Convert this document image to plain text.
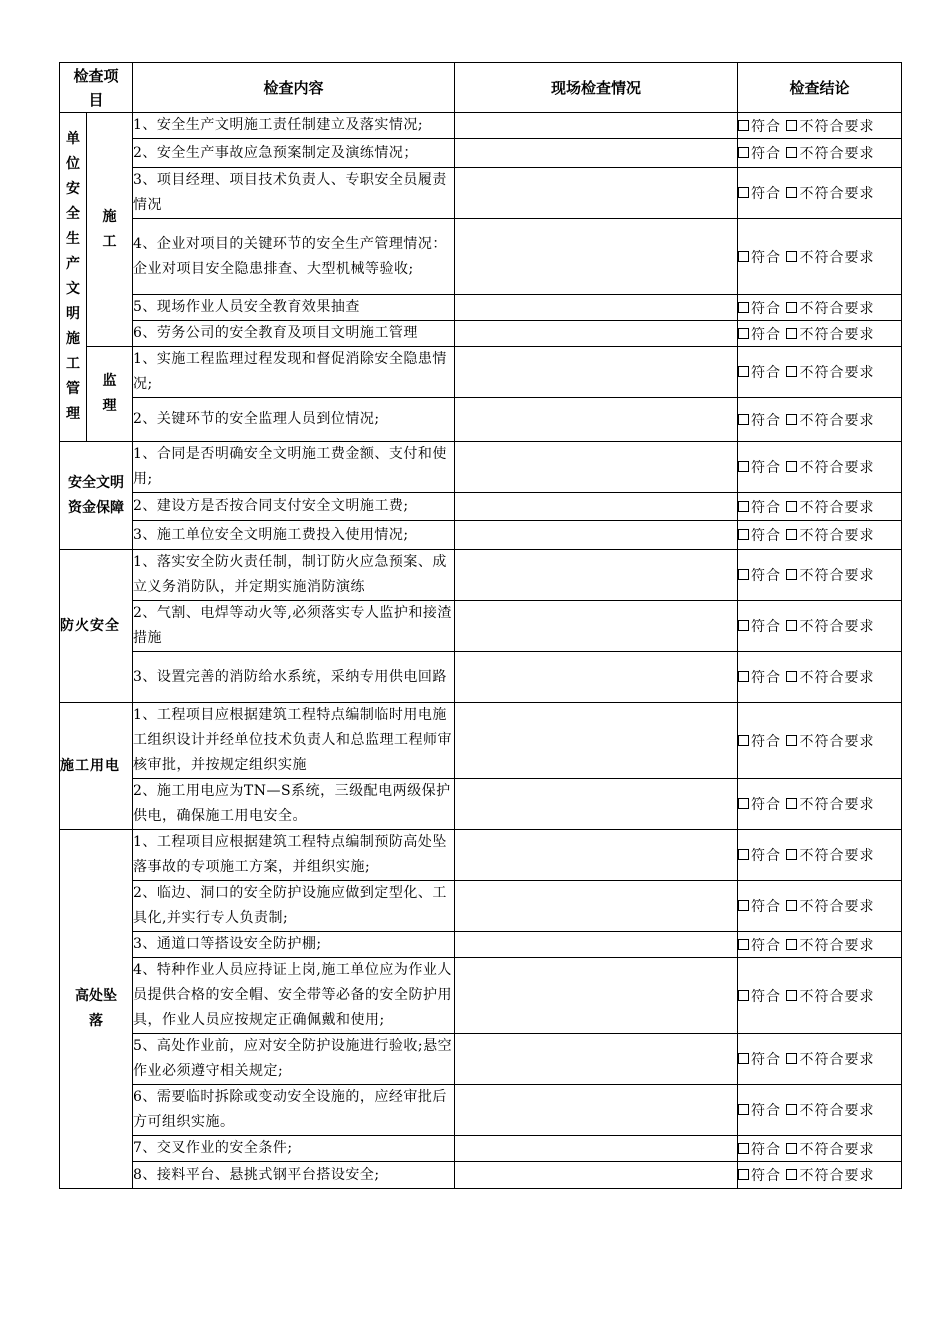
检查项目		检查内容	现场检查情况	检查结论

单位安全生产文明施工管理	施工	1、安全生产文明施工责任制建立及落实情况;		符合 不符合要求
		2、安全生产事故应急预案制定及演练情况；		符合 不符合要求
		3、项目经理、项目技术负责人、专职安全员履责情况		符合 不符合要求
		4、企业对项目的关键环节的安全生产管理情况：企业对项目安全隐患排查、大型机械等验收;		符合 不符合要求
		5、现场作业人员安全教育效果抽查		符合 不符合要求
		6、劳务公司的安全教育及项目文明施工管理		符合 不符合要求

	监理	1、实施工程监理过程发现和督促消除安全隐患情况;		符合 不符合要求
		2、关键环节的安全监理人员到位情况;		符合 不符合要求
安全文明资金保障		1、合同是否明确安全文明施工费金额、支付和使用;		符合 不符合要求
		2、建设方是否按合同支付安全文明施工费;		符合 不符合要求
		3、施工单位安全文明施工费投入使用情况;		符合 不符合要求
防火安全		1、落实安全防火责任制，制订防火应急预案、成立义务消防队，并定期实施消防演练		符合 不符合要求
		2、气割、电焊等动火等,必须落实专人监护和接渣措施		符合 不符合要求
		3、设置完善的消防给水系统，采纳专用供电回路		符合 不符合要求
施工用电		1、工程项目应根据建筑工程特点编制临时用电施工组织设计并经单位技术负责人和总监理工程师审核审批，并按规定组织实施		符合 不符合要求
		2、施工用电应为TN—S系统，三级配电两级保护供电，确保施工用电安全。		符合 不符合要求
高处坠落		1、工程项目应根据建筑工程特点编制预防高处坠落事故的专项施工方案，并组织实施;		符合 不符合要求
		2、临边、洞口的安全防护设施应做到定型化、工具化,并实行专人负责制;		符合 不符合要求
		3、通道口等搭设安全防护棚;		符合 不符合要求
		4、特种作业人员应持证上岗,施工单位应为作业人员提供合格的安全帽、安全带等必备的安全防护用具，作业人员应按规定正确佩戴和使用;		符合 不符合要求
		5、高处作业前，应对安全防护设施进行验收;悬空作业必须遵守相关规定;		符合 不符合要求
		6、需要临时拆除或变动安全设施的，应经审批后方可组织实施。		符合 不符合要求
		7、交叉作业的安全条件;		符合 不符合要求
		8、接料平台、悬挑式钢平台搭设安全;		符合 不符合要求
